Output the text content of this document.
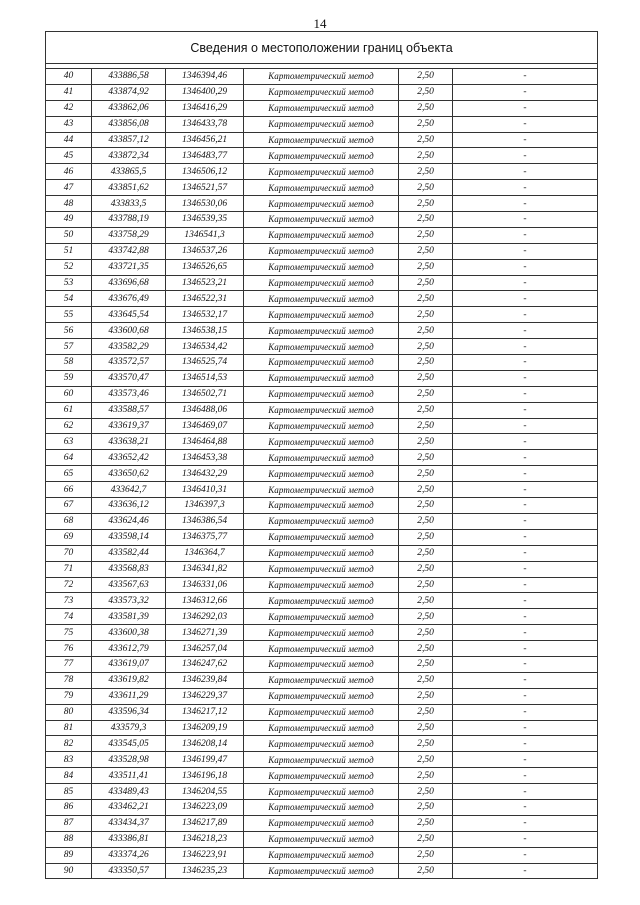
14
Сведения о местоположении границ объекта					

40	433886,58	1346394,46	Картометрический метод	2,50	-
41	433874,92	1346400,29	Картометрический метод	2,50	-
42	433862,06	1346416,29	Картометрический метод	2,50	-
43	433856,08	1346433,78	Картометрический метод	2,50	-
44	433857,12	1346456,21	Картометрический метод	2,50	-
45	433872,34	1346483,77	Картометрический метод	2,50	-
46	433865,5	1346506,12	Картометрический метод	2,50	-
47	433851,62	1346521,57	Картометрический метод	2,50	-
48	433833,5	1346530,06	Картометрический метод	2,50	-
49	433788,19	1346539,35	Картометрический метод	2,50	-
50	433758,29	1346541,3	Картометрический метод	2,50	-
51	433742,88	1346537,26	Картометрический метод	2,50	-
52	433721,35	1346526,65	Картометрический метод	2,50	-
53	433696,68	1346523,21	Картометрический метод	2,50	-
54	433676,49	1346522,31	Картометрический метод	2,50	-
55	433645,54	1346532,17	Картометрический метод	2,50	-
56	433600,68	1346538,15	Картометрический метод	2,50	-
57	433582,29	1346534,42	Картометрический метод	2,50	-
58	433572,57	1346525,74	Картометрический метод	2,50	-
59	433570,47	1346514,53	Картометрический метод	2,50	-
60	433573,46	1346502,71	Картометрический метод	2,50	-
61	433588,57	1346488,06	Картометрический метод	2,50	-
62	433619,37	1346469,07	Картометрический метод	2,50	-
63	433638,21	1346464,88	Картометрический метод	2,50	-
64	433652,42	1346453,38	Картометрический метод	2,50	-
65	433650,62	1346432,29	Картометрический метод	2,50	-
66	433642,7	1346410,31	Картометрический метод	2,50	-
67	433636,12	1346397,3	Картометрический метод	2,50	-
68	433624,46	1346386,54	Картометрический метод	2,50	-
69	433598,14	1346375,77	Картометрический метод	2,50	-
70	433582,44	1346364,7	Картометрический метод	2,50	-
71	433568,83	1346341,82	Картометрический метод	2,50	-
72	433567,63	1346331,06	Картометрический метод	2,50	-
73	433573,32	1346312,66	Картометрический метод	2,50	-
74	433581,39	1346292,03	Картометрический метод	2,50	-
75	433600,38	1346271,39	Картометрический метод	2,50	-
76	433612,79	1346257,04	Картометрический метод	2,50	-
77	433619,07	1346247,62	Картометрический метод	2,50	-
78	433619,82	1346239,84	Картометрический метод	2,50	-
79	433611,29	1346229,37	Картометрический метод	2,50	-
80	433596,34	1346217,12	Картометрический метод	2,50	-
81	433579,3	1346209,19	Картометрический метод	2,50	-
82	433545,05	1346208,14	Картометрический метод	2,50	-
83	433528,98	1346199,47	Картометрический метод	2,50	-
84	433511,41	1346196,18	Картометрический метод	2,50	-
85	433489,43	1346204,55	Картометрический метод	2,50	-
86	433462,21	1346223,09	Картометрический метод	2,50	-
87	433434,37	1346217,89	Картометрический метод	2,50	-
88	433386,81	1346218,23	Картометрический метод	2,50	-
89	433374,26	1346223,91	Картометрический метод	2,50	-
90	433350,57	1346235,23	Картометрический метод	2,50	-
